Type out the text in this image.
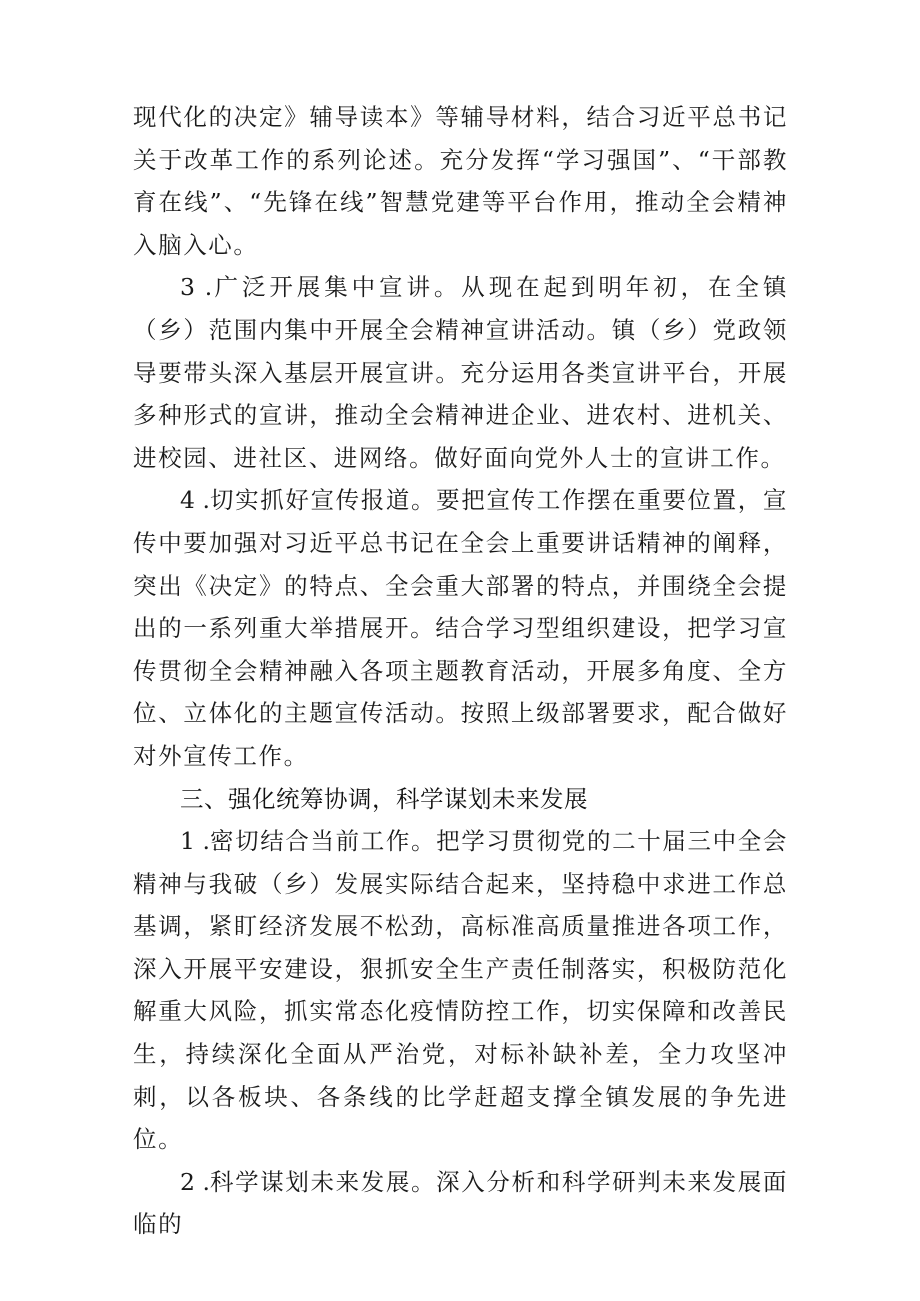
现代化的决定》辅导读本》等辅导材料，结合习近平总书记关于改革工作的系列论述。充分发挥“学习强国”、“干部教育在线”、“先锋在线”智慧党建等平台作用，推动全会精神入脑入心。

3 .广泛开展集中宣讲。从现在起到明年初，在全镇（乡）范围内集中开展全会精神宣讲活动。镇（乡）党政领导要带头深入基层开展宣讲。充分运用各类宣讲平台，开展多种形式的宣讲，推动全会精神进企业、进农村、进机关、进校园、进社区、进网络。做好面向党外人士的宣讲工作。

4 .切实抓好宣传报道。要把宣传工作摆在重要位置，宣传中要加强对习近平总书记在全会上重要讲话精神的阐释，突出《决定》的特点、全会重大部署的特点，并围绕全会提出的一系列重大举措展开。结合学习型组织建设，把学习宣传贯彻全会精神融入各项主题教育活动，开展多角度、全方位、立体化的主题宣传活动。按照上级部署要求，配合做好对外宣传工作。

三、强化统筹协调，科学谋划未来发展

1 .密切结合当前工作。把学习贯彻党的二十届三中全会精神与我破（乡）发展实际结合起来，坚持稳中求进工作总基调，紧盯经济发展不松劲，高标准高质量推进各项工作，深入开展平安建设，狠抓安全生产责任制落实，积极防范化解重大风险，抓实常态化疫情防控工作，切实保障和改善民生，持续深化全面从严治党，对标补缺补差，全力攻坚冲刺，以各板块、各条线的比学赶超支撑全镇发展的争先进位。

2 .科学谋划未来发展。深入分析和科学研判未来发展面临的
